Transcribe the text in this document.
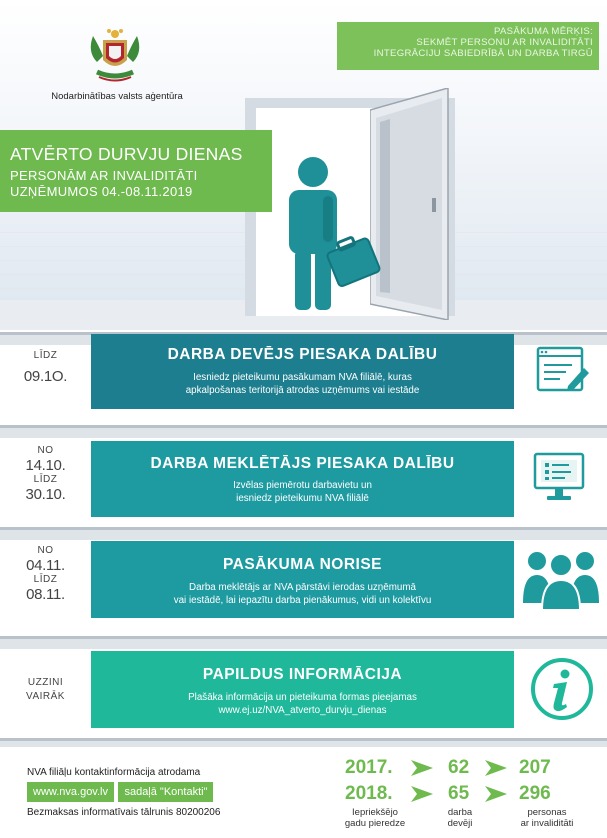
Nodarbinātības valsts aģentūra
PASĀKUMA MĒRĶIS:
SEKMĒT PERSONU AR INVALIDITĀTI
INTEGRĀCIJU SABIEDRĪBĀ UN DARBA TIRGŪ
ATVĒRTO DURVJU DIENAS
PERSONĀM AR INVALIDITĀTI
UZŅĒMUMOS 04.-08.11.2019
LĪDZ
09.1O.
DARBA DEVĒJS PIESAKA DALĪBU

Iesniedz pieteikumu pasākumam NVA filiālē, kuras
apkalpošanas teritorijā atrodas uzņēmums vai iestāde

NO
14.10.
LĪDZ
30.10.
DARBA MEKLĒTĀJS PIESAKA DALĪBU

Izvēlas piemērotu darbavietu un
iesniedz pieteikumu NVA filiālē

NO
04.11.
LĪDZ
08.11.
PASĀKUMA NORISE

Darba meklētājs ar NVA pārstāvi ierodas uzņēmumā
vai iestādē, lai iepazītu darba pienākumus, vidi un kolektīvu

UZZINI
VAIRĀK
PAPILDUS INFORMĀCIJA

Plašāka informācija un pieteikuma formas pieejamas
www.ej.uz/NVA_atverto_durvju_dienas

NVA filiāļu kontaktinformācija atrodama
www.nva.gov.lv sadaļā "Kontakti"
Bezmaksas informatīvais tālrunis 80200206
2017.	62	207
2018.	65	296
Iepriekšējo
gadu pieredze
darba
devēji
personas
ar invaliditāti
